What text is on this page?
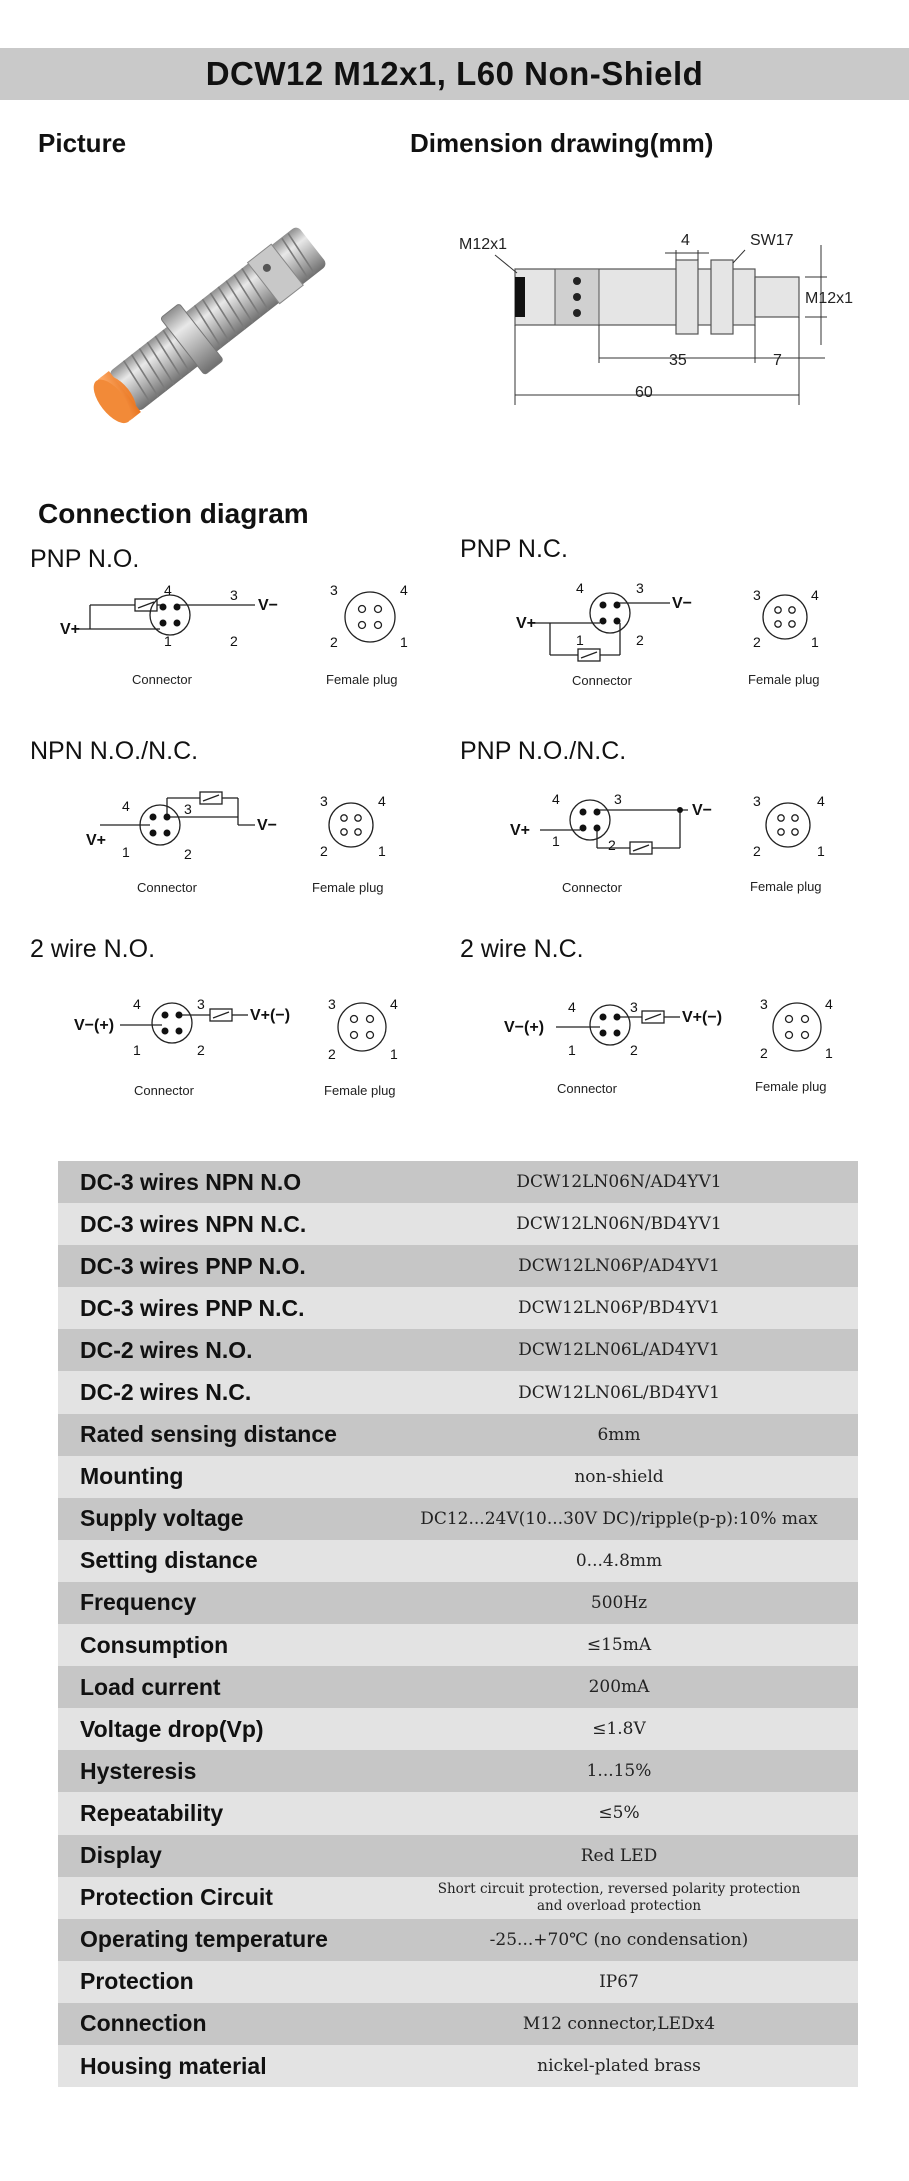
DCW12 M12x1, L60 Non-Shield
Picture	Dimension drawing(mm)
M12x1	4	SW17
M12x1
35	7
60
Connection diagram
PNP N.O.	PNP N.C.
NPN N.O./N.C.	PNP N.O./N.C.
2 wire N.O.	2 wire N.C.
V+
V−
4	3
1	2
Connector
3	4
2	1
Female plug
V+
V−
4	3
1	2
Connector
3	4
2	1
Female plug
V+
V−
4	3
1	2
Connector
3	4
2	1
Female plug
V+
V−
4	3
1	2
Connector
3	4
2	1
Female plug
V−(+)
V+(−)
4	3
1	2
Connector
3	4
2	1
Female plug
V−(+)
V+(−)
4	3
1	2
Connector
3	4
2	1
Female plug
DC-3 wires NPN N.O	DCW12LN06N/AD4YV1
DC-3 wires NPN N.C.	DCW12LN06N/BD4YV1
DC-3 wires PNP N.O.	DCW12LN06P/AD4YV1
DC-3 wires PNP N.C.	DCW12LN06P/BD4YV1
DC-2 wires N.O.	DCW12LN06L/AD4YV1
DC-2 wires N.C.	DCW12LN06L/BD4YV1
Rated sensing distance	6mm
Mounting	non-shield
Supply voltage	DC12...24V(10...30V DC)/ripple(p-p):10% max
Setting distance	0...4.8mm
Frequency	500Hz
Consumption	≤15mA
Load current	200mA
Voltage drop(Vp)	≤1.8V
Hysteresis	1...15%
Repeatability	≤5%
Display	Red LED
Protection Circuit	Short circuit protection, reversed polarity protection
and overload protection
Operating temperature	-25...+70℃ (no condensation)
Protection	IP67
Connection	M12 connector,LEDx4
Housing material	nickel-plated brass
